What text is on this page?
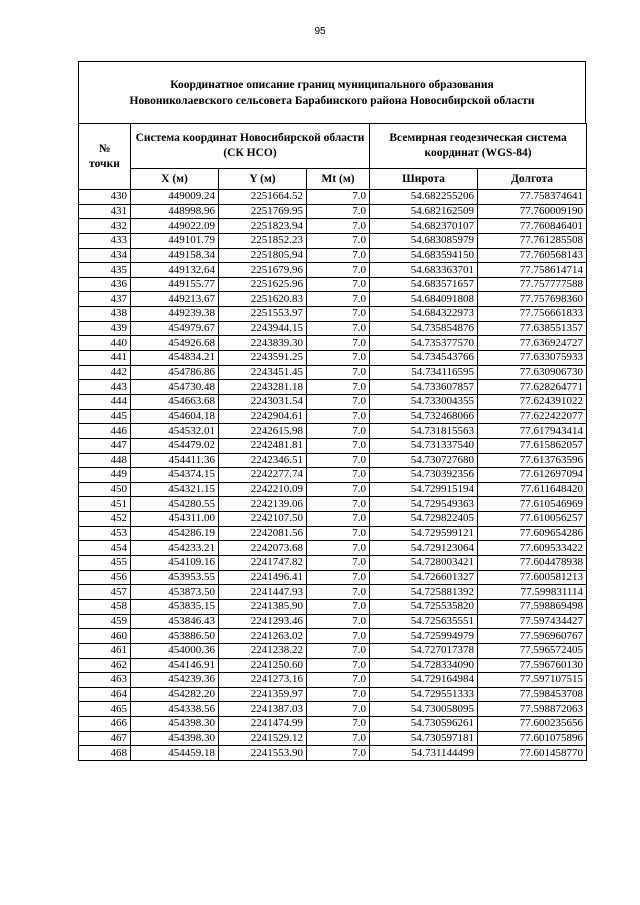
95
Координатное описание границ муниципального образования
Новониколаевского сельсовета Барабинского района Новосибирской области
№ точки	Система координат Новосибирской области (СК НСО)			Всемирная геодезическая система координат (WGS-84)	
	X (м)	Y (м)	Mt (м)	Широта	Долгота
430	449009.24	2251664.52	7.0	54.682255206	77.758374641
431	448998.96	2251769.95	7.0	54.682162509	77.760009190
432	449022.09	2251823.94	7.0	54.682370107	77.760846401
433	449101.79	2251852.23	7.0	54.683085979	77.761285508
434	449158.34	2251805.94	7.0	54.683594150	77.760568143
435	449132.64	2251679.96	7.0	54.683363701	77.758614714
436	449155.77	2251625.96	7.0	54.683571657	77.757777588
437	449213.67	2251620.83	7.0	54.684091808	77.757698360
438	449239.38	2251553.97	7.0	54.684322973	77.756661833
439	454979.67	2243944.15	7.0	54.735854876	77.638551357
440	454926.68	2243839.30	7.0	54.735377570	77.636924727
441	454834.21	2243591.25	7.0	54.734543766	77.633075933
442	454786.86	2243451.45	7.0	54.734116595	77.630906730
443	454730.48	2243281.18	7.0	54.733607857	77.628264771
444	454663.68	2243031.54	7.0	54.733004355	77.624391022
445	454604.18	2242904.61	7.0	54.732468066	77.622422077
446	454532.01	2242615.98	7.0	54.731815563	77.617943414
447	454479.02	2242481.81	7.0	54.731337540	77.615862057
448	454411.36	2242346.51	7.0	54.730727680	77.613763596
449	454374.15	2242277.74	7.0	54.730392356	77.612697094
450	454321.15	2242210.09	7.0	54.729915194	77.611648420
451	454280.55	2242139.06	7.0	54.729549363	77.610546969
452	454311.00	2242107.50	7.0	54.729822405	77.610056257
453	454286.19	2242081.56	7.0	54.729599121	77.609654286
454	454233.21	2242073.68	7.0	54.729123064	77.609533422
455	454109.16	2241747.82	7.0	54.728003421	77.604478938
456	453953.55	2241496.41	7.0	54.726601327	77.600581213
457	453873.50	2241447.93	7.0	54.725881392	77.599831114
458	453835.15	2241385.90	7.0	54.725535820	77.598869498
459	453846.43	2241293.46	7.0	54.725635551	77.597434427
460	453886.50	2241263.02	7.0	54.725994979	77.596960767
461	454000.36	2241238.22	7.0	54.727017378	77.596572405
462	454146.91	2241250.60	7.0	54.728334090	77.596760130
463	454239.36	2241273.16	7.0	54.729164984	77.597107515
464	454282.20	2241359.97	7.0	54.729551333	77.598453708
465	454338.56	2241387.03	7.0	54.730058095	77.598872063
466	454398.30	2241474.99	7.0	54.730596261	77.600235656
467	454398.30	2241529.12	7.0	54.730597181	77.601075896
468	454459.18	2241553.90	7.0	54.731144499	77.601458770
